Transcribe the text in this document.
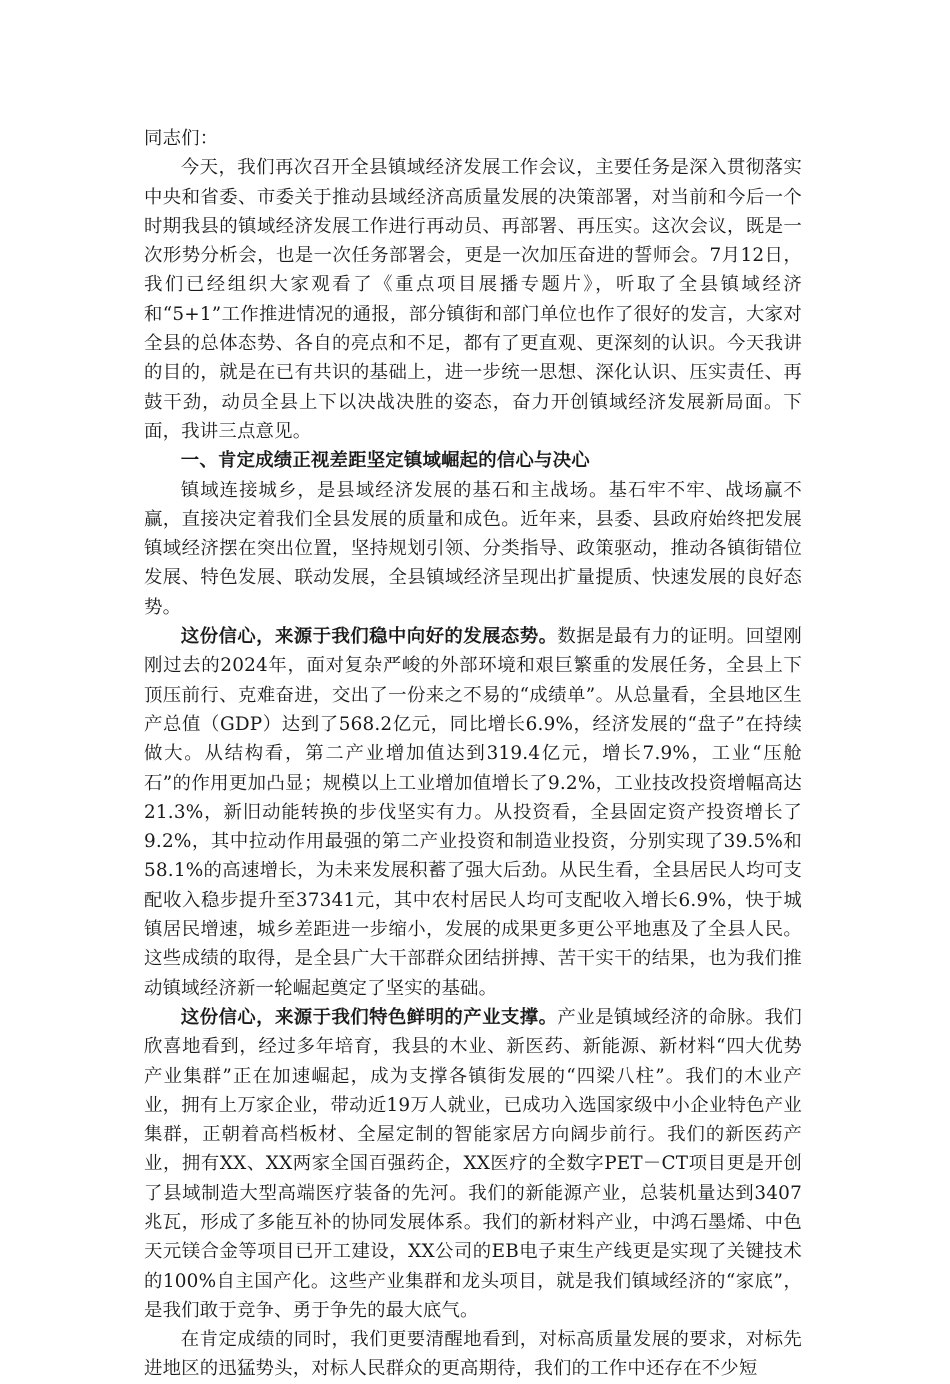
同志们：

今天，我们再次召开全县镇域经济发展工作会议，主要任务是深入贯彻落实中央和省委、市委关于推动县域经济高质量发展的决策部署，对当前和今后一个时期我县的镇域经济发展工作进行再动员、再部署、再压实。这次会议，既是一次形势分析会，也是一次任务部署会，更是一次加压奋进的誓师会。7月12日，我们已经组织大家观看了《重点项目展播专题片》，听取了全县镇域经济和“5+1”工作推进情况的通报，部分镇街和部门单位也作了很好的发言，大家对全县的总体态势、各自的亮点和不足，都有了更直观、更深刻的认识。今天我讲的目的，就是在已有共识的基础上，进一步统一思想、深化认识、压实责任、再鼓干劲，动员全县上下以决战决胜的姿态，奋力开创镇域经济发展新局面。下面，我讲三点意见。

一、肯定成绩正视差距坚定镇域崛起的信心与决心

镇域连接城乡，是县域经济发展的基石和主战场。基石牢不牢、战场赢不赢，直接决定着我们全县发展的质量和成色。近年来，县委、县政府始终把发展镇域经济摆在突出位置，坚持规划引领、分类指导、政策驱动，推动各镇街错位发展、特色发展、联动发展，全县镇域经济呈现出扩量提质、快速发展的良好态势。

这份信心，来源于我们稳中向好的发展态势。数据是最有力的证明。回望刚刚过去的2024年，面对复杂严峻的外部环境和艰巨繁重的发展任务，全县上下顶压前行、克难奋进，交出了一份来之不易的“成绩单”。从总量看，全县地区生产总值（GDP）达到了568.2亿元，同比增长6.9%，经济发展的“盘子”在持续做大。从结构看，第二产业增加值达到319.4亿元，增长7.9%，工业“压舱石”的作用更加凸显；规模以上工业增加值增长了9.2%，工业技改投资增幅高达21.3%，新旧动能转换的步伐坚实有力。从投资看，全县固定资产投资增长了9.2%，其中拉动作用最强的第二产业投资和制造业投资，分别实现了39.5%和58.1%的高速增长，为未来发展积蓄了强大后劲。从民生看，全县居民人均可支配收入稳步提升至37341元，其中农村居民人均可支配收入增长6.9%，快于城镇居民增速，城乡差距进一步缩小，发展的成果更多更公平地惠及了全县人民。这些成绩的取得，是全县广大干部群众团结拼搏、苦干实干的结果，也为我们推动镇域经济新一轮崛起奠定了坚实的基础。

这份信心，来源于我们特色鲜明的产业支撑。产业是镇域经济的命脉。我们欣喜地看到，经过多年培育，我县的木业、新医药、新能源、新材料“四大优势产业集群”正在加速崛起，成为支撑各镇街发展的“四梁八柱”。我们的木业产业，拥有上万家企业，带动近19万人就业，已成功入选国家级中小企业特色产业集群，正朝着高档板材、全屋定制的智能家居方向阔步前行。我们的新医药产业，拥有XX、XX两家全国百强药企，XX医疗的全数字PET－CT项目更是开创了县域制造大型高端医疗装备的先河。我们的新能源产业，总装机量达到3407兆瓦，形成了多能互补的协同发展体系。我们的新材料产业，中鸿石墨烯、中色天元镁合金等项目已开工建设，XX公司的EB电子束生产线更是实现了关键技术的100%自主国产化。这些产业集群和龙头项目，就是我们镇域经济的“家底”，是我们敢于竞争、勇于争先的最大底气。

在肯定成绩的同时，我们更要清醒地看到，对标高质量发展的要求，对标先进地区的迅猛势头，对标人民群众的更高期待，我们的工作中还存在不少短
